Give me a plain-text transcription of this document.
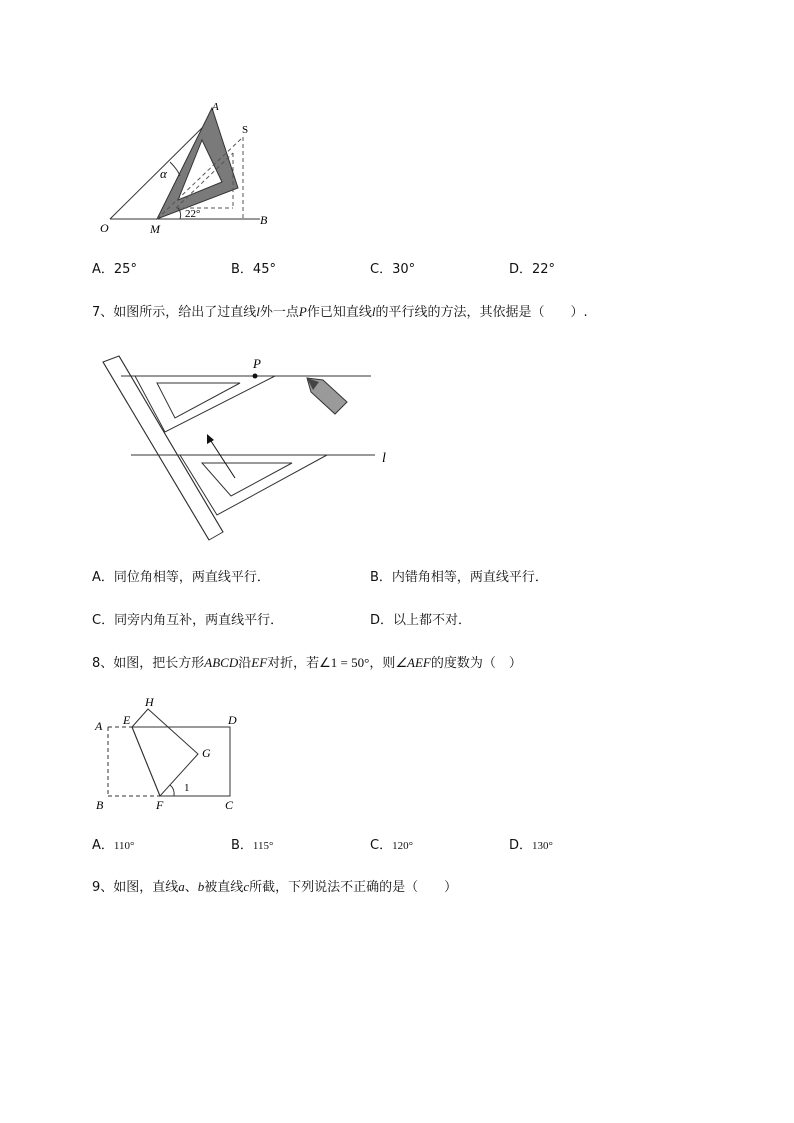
A
S
α
22°
O	M
B
A．25°	B．45°	C．30°	D．22°
7、如图所示，给出了过直线l外一点P作已知直线l的平行线的方法，其依据是（　　）.
P
l
A．同位角相等，两直线平行．	B．内错角相等，两直线平行．
C．同旁内角互补，两直线平行．	D．以上都不对．
8、如图，把长方形ABCD沿EF对折，若∠1 = 50°，则∠AEF的度数为（　）
A E
H
D
G
1
B	F	C
A．110°	B．115°	C．120°	D．130°
9、如图，直线a、b被直线c所截，下列说法不正确的是（　　）
